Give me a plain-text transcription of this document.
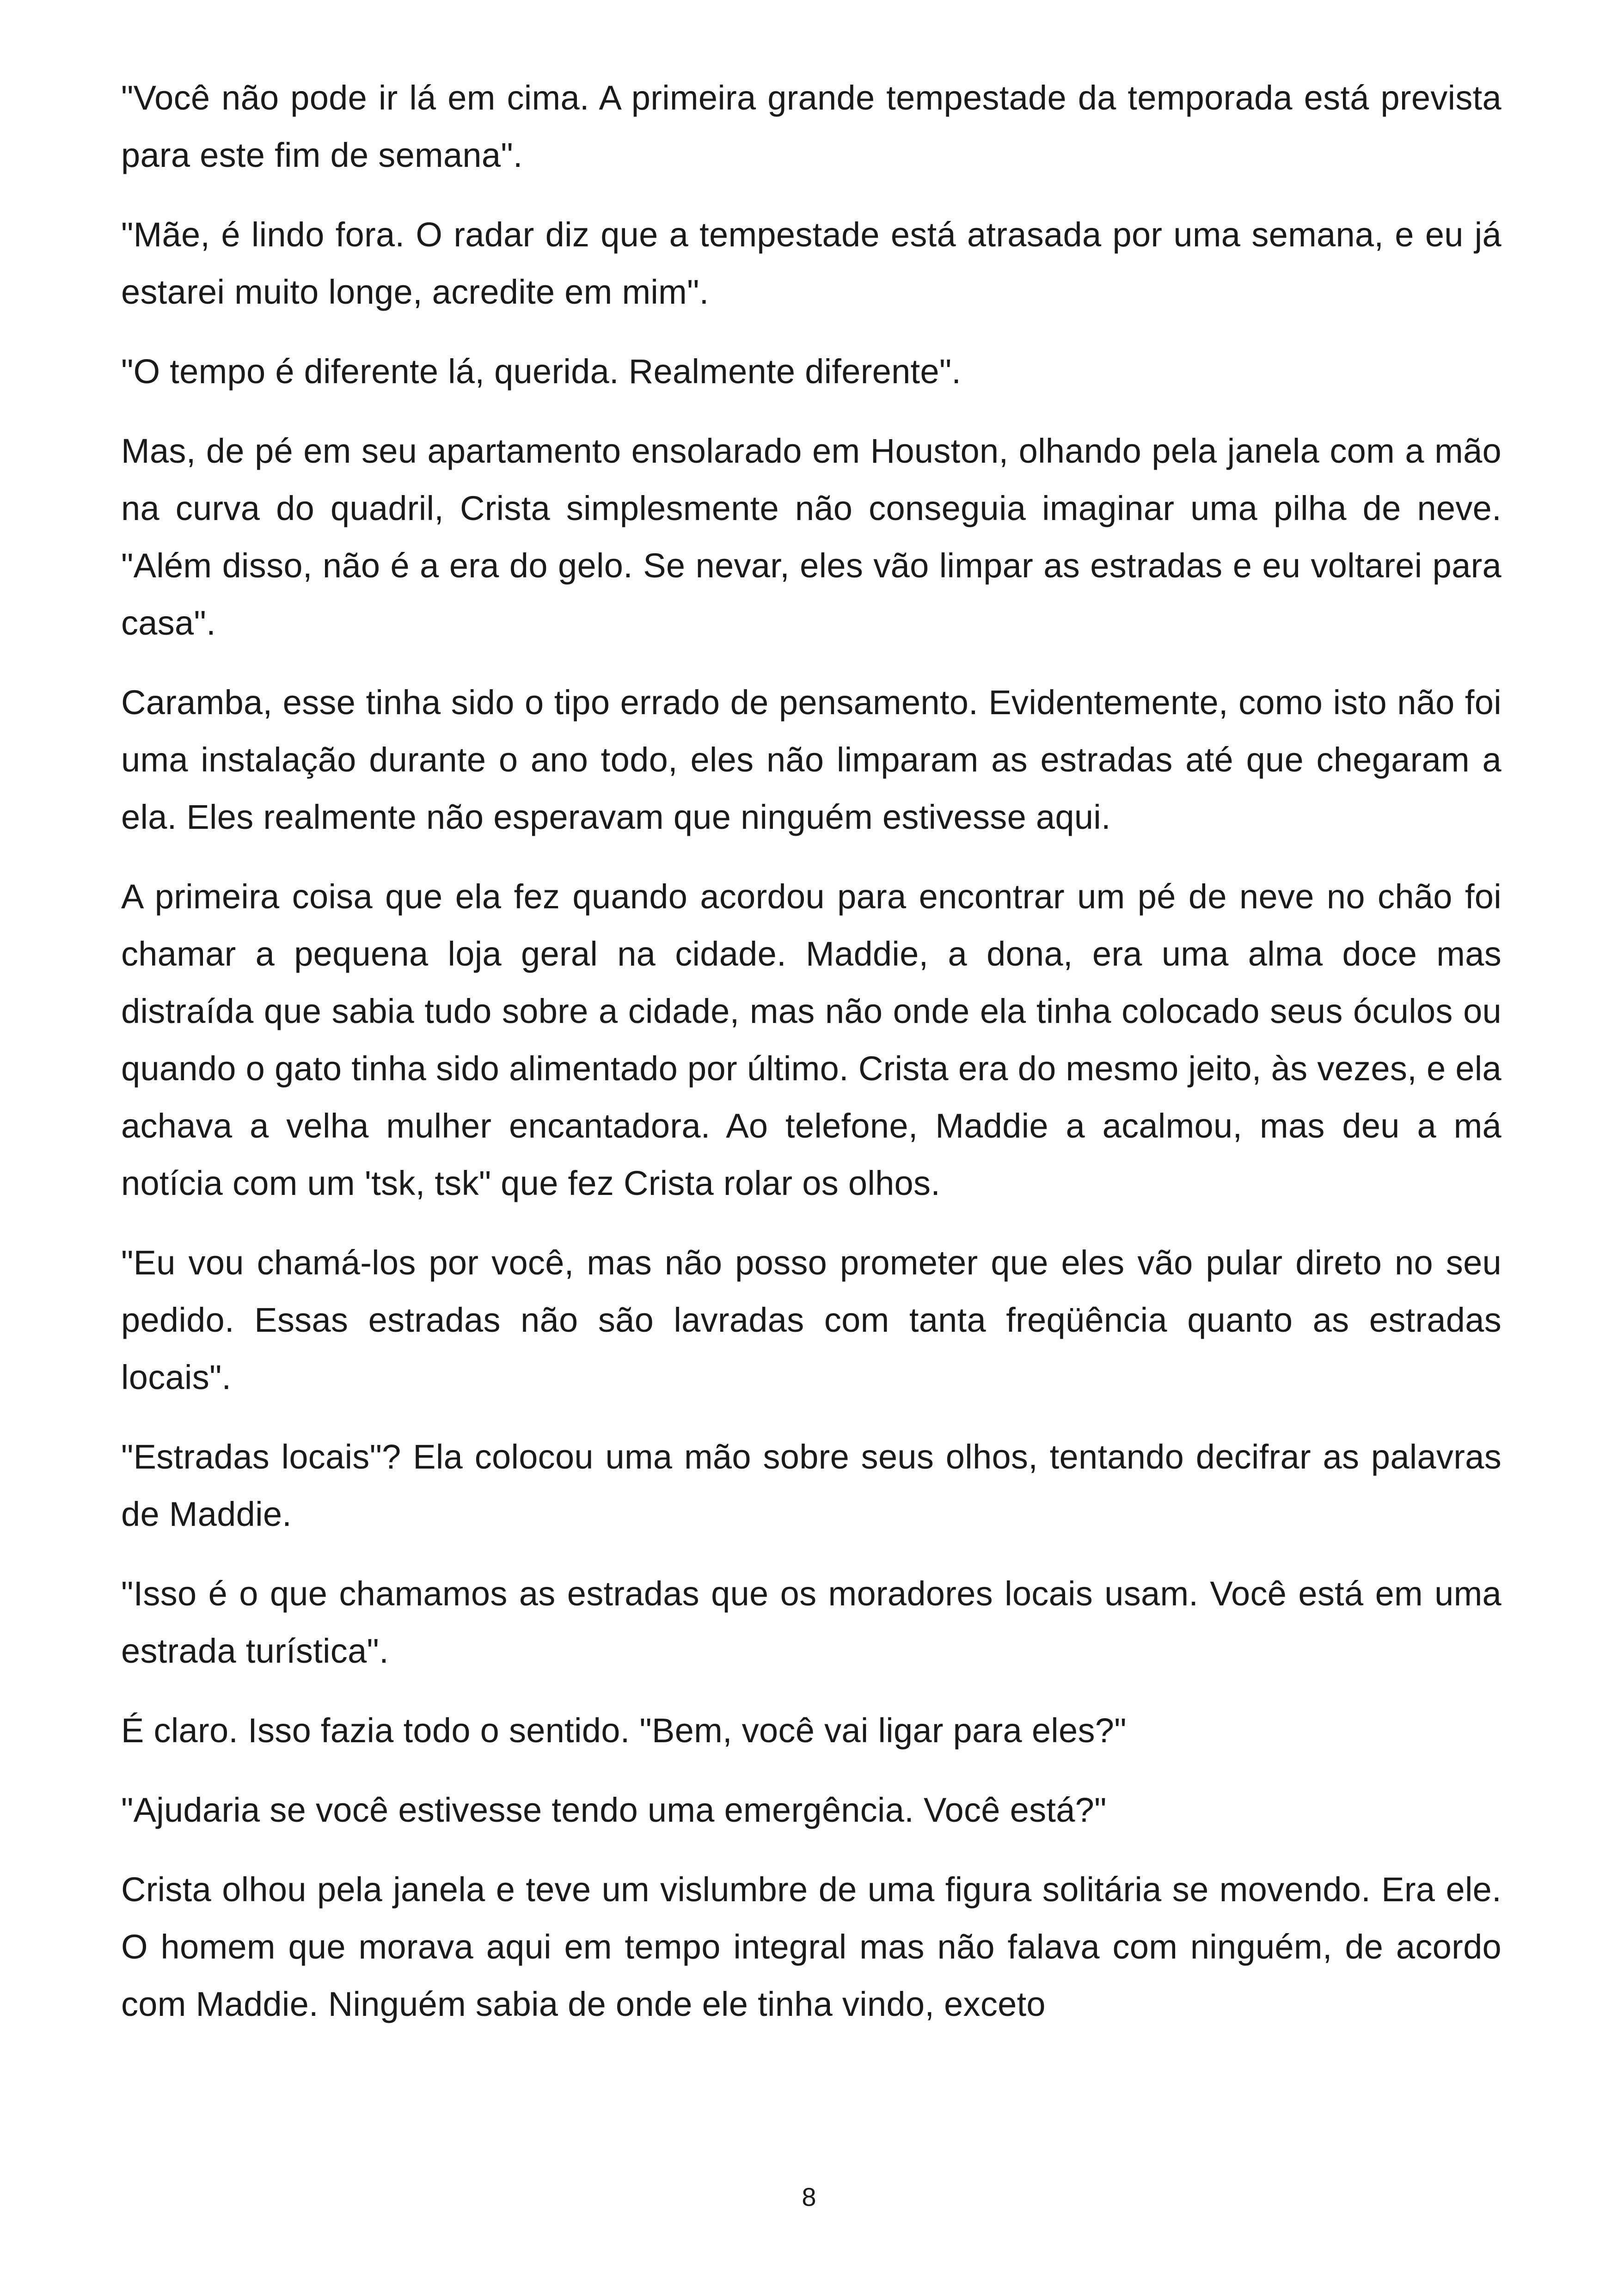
"Você não pode ir lá em cima. A primeira grande tempestade da temporada está prevista para este fim de semana".

"Mãe, é lindo fora. O radar diz que a tempestade está atrasada por uma semana, e eu já estarei muito longe, acredite em mim".

"O tempo é diferente lá, querida. Realmente diferente".

Mas, de pé em seu apartamento ensolarado em Houston, olhando pela janela com a mão na curva do quadril, Crista simplesmente não conseguia imaginar uma pilha de neve. "Além disso, não é a era do gelo. Se nevar, eles vão limpar as estradas e eu voltarei para casa".

Caramba, esse tinha sido o tipo errado de pensamento. Evidentemente, como isto não foi uma instalação durante o ano todo, eles não limparam as estradas até que chegaram a ela. Eles realmente não esperavam que ninguém estivesse aqui.

A primeira coisa que ela fez quando acordou para encontrar um pé de neve no chão foi chamar a pequena loja geral na cidade. Maddie, a dona, era uma alma doce mas distraída que sabia tudo sobre a cidade, mas não onde ela tinha colocado seus óculos ou quando o gato tinha sido alimentado por último. Crista era do mesmo jeito, às vezes, e ela achava a velha mulher encantadora. Ao telefone, Maddie a acalmou, mas deu a má notícia com um 'tsk, tsk" que fez Crista rolar os olhos.

"Eu vou chamá-los por você, mas não posso prometer que eles vão pular direto no seu pedido. Essas estradas não são lavradas com tanta freqüência quanto as estradas locais".

"Estradas locais"? Ela colocou uma mão sobre seus olhos, tentando decifrar as palavras de Maddie.

"Isso é o que chamamos as estradas que os moradores locais usam. Você está em uma estrada turística".

É claro. Isso fazia todo o sentido. "Bem, você vai ligar para eles?"

"Ajudaria se você estivesse tendo uma emergência. Você está?"

Crista olhou pela janela e teve um vislumbre de uma figura solitária se movendo. Era ele. O homem que morava aqui em tempo integral mas não falava com ninguém, de acordo com Maddie. Ninguém sabia de onde ele tinha vindo, exceto

8
